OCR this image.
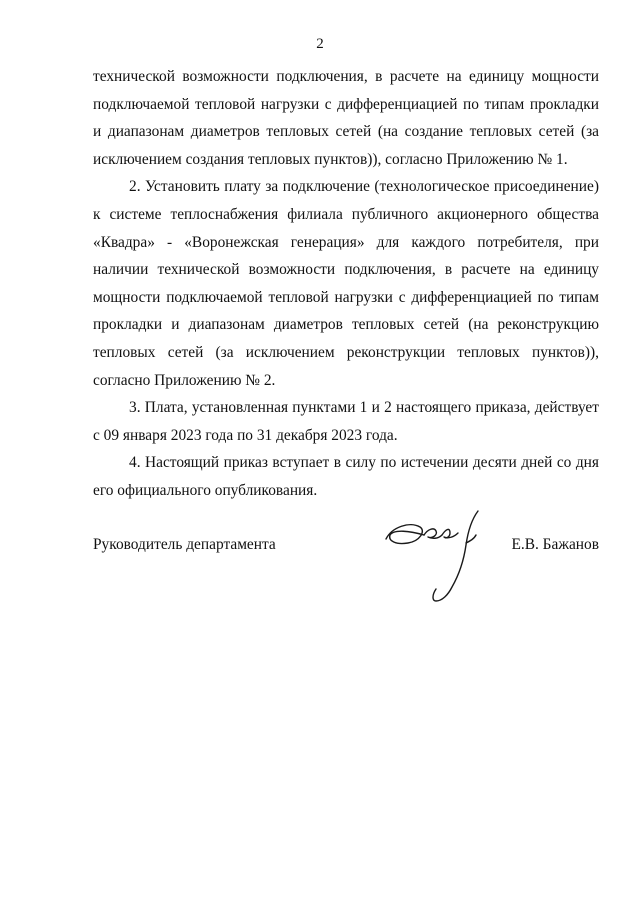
2

технической возможности подключения, в расчете на единицу мощности подключаемой тепловой нагрузки с дифференциацией по типам прокладки и диапазонам диаметров тепловых сетей (на создание тепловых сетей (за исключением создания тепловых пунктов)), согласно Приложению № 1.

2. Установить плату за подключение (технологическое присоединение) к системе теплоснабжения филиала публичного акционерного общества «Квадра» - «Воронежская генерация» для каждого потребителя, при наличии технической возможности подключения, в расчете на единицу мощности подключаемой тепловой нагрузки с дифференциацией по типам прокладки и диапазонам диаметров тепловых сетей (на реконструкцию тепловых сетей (за исключением реконструкции тепловых пунктов)), согласно Приложению № 2.

3. Плата, установленная пунктами 1 и 2 настоящего приказа, действует с 09 января 2023 года по 31 декабря 2023 года.

4. Настоящий приказ вступает в силу по истечении десяти дней со дня его официального опубликования.

Руководитель департамента	Е.В. Бажанов
